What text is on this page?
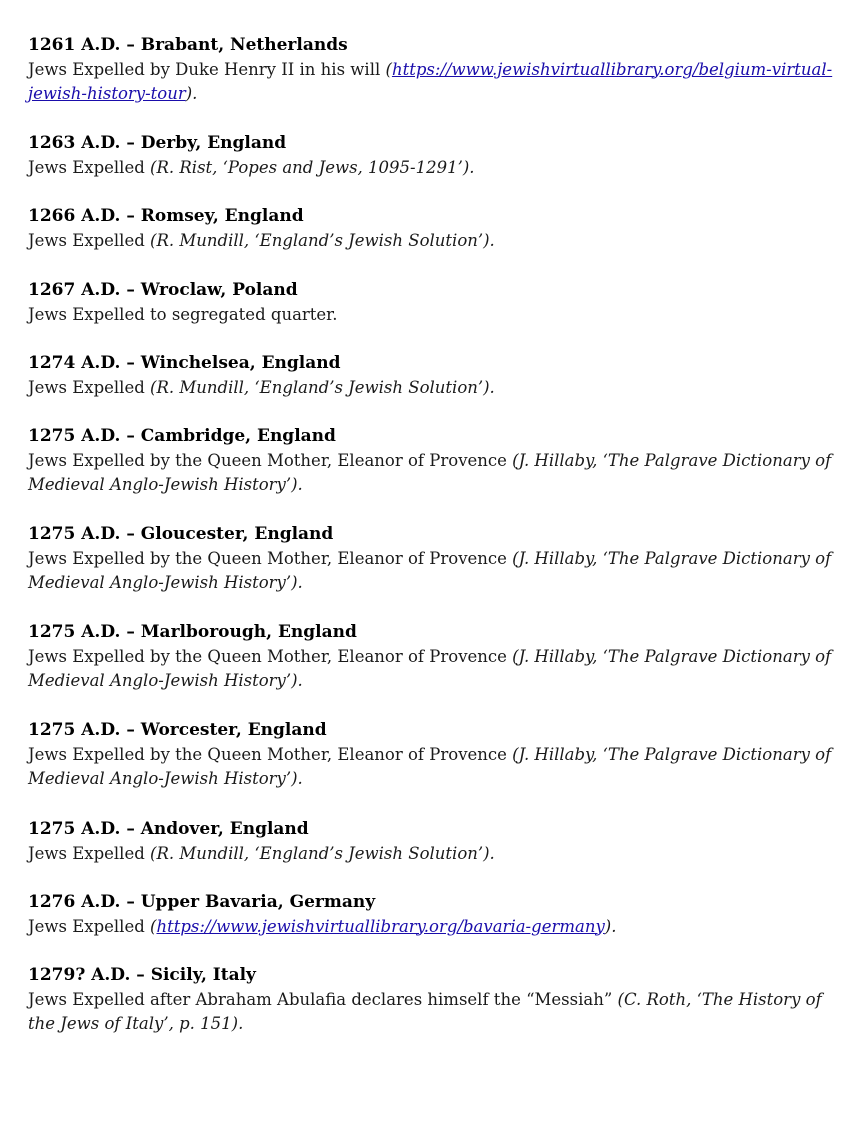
1261 A.D. – Brabant, Netherlands
Jews Expelled by Duke Henry II in his will (https://www.jewishvirtuallibrary.org/belgium-virtual-jewish-history-tour).
1263 A.D. – Derby, England
Jews Expelled (R. Rist, ‘Popes and Jews, 1095-1291’).
1266 A.D. – Romsey, England
Jews Expelled (R. Mundill, ‘England’s Jewish Solution’).
1267 A.D. – Wroclaw, Poland
Jews Expelled to segregated quarter.
1274 A.D. – Winchelsea, England
Jews Expelled (R. Mundill, ‘England’s Jewish Solution’).
1275 A.D. – Cambridge, England
Jews Expelled by the Queen Mother, Eleanor of Provence (J. Hillaby, ‘The Palgrave Dictionary of Medieval Anglo-Jewish History’).
1275 A.D. – Gloucester, England
Jews Expelled by the Queen Mother, Eleanor of Provence (J. Hillaby, ‘The Palgrave Dictionary of Medieval Anglo-Jewish History’).
1275 A.D. – Marlborough, England
Jews Expelled by the Queen Mother, Eleanor of Provence (J. Hillaby, ‘The Palgrave Dictionary of Medieval Anglo-Jewish History’).
1275 A.D. – Worcester, England
Jews Expelled by the Queen Mother, Eleanor of Provence (J. Hillaby, ‘The Palgrave Dictionary of Medieval Anglo-Jewish History’).
1275 A.D. – Andover, England
Jews Expelled (R. Mundill, ‘England’s Jewish Solution’).
1276 A.D. – Upper Bavaria, Germany
Jews Expelled (https://www.jewishvirtuallibrary.org/bavaria-germany).
1279? A.D. – Sicily, Italy
Jews Expelled after Abraham Abulafia declares himself the “Messiah” (C. Roth, ‘The History of the Jews of Italy’, p. 151).
